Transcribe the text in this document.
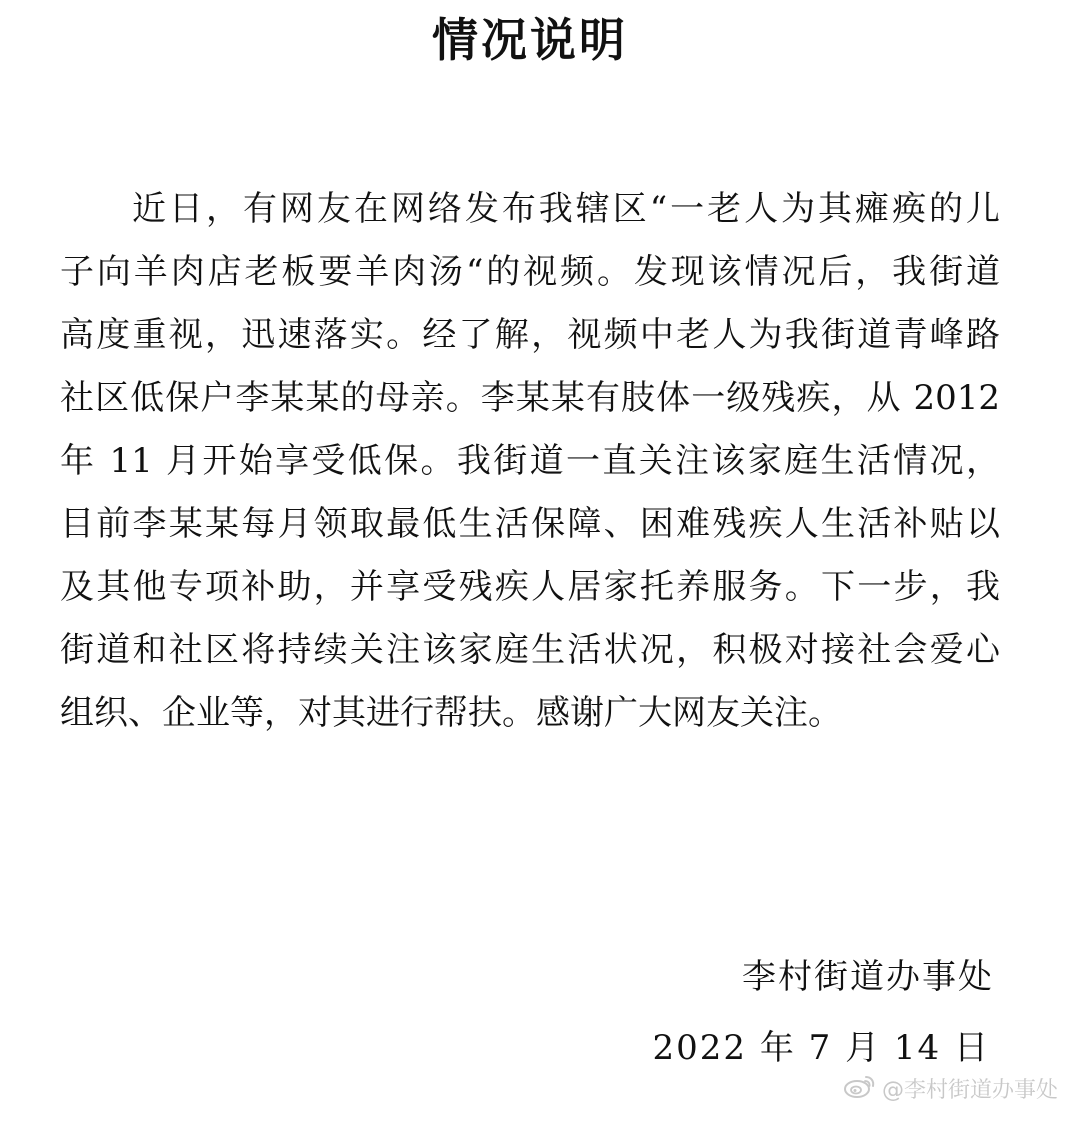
情况说明
近日，有网友在网络发布我辖区“一老人为其瘫痪的儿
子向羊肉店老板要羊肉汤“的视频。发现该情况后，我街道
高度重视，迅速落实。经了解，视频中老人为我街道青峰路
社区低保户李某某的母亲。李某某有肢体一级残疾，从 2012
年 11 月开始享受低保。我街道一直关注该家庭生活情况，
目前李某某每月领取最低生活保障、困难残疾人生活补贴以
及其他专项补助，并享受残疾人居家托养服务。下一步，我
街道和社区将持续关注该家庭生活状况，积极对接社会爱心
组织、企业等，对其进行帮扶。感谢广大网友关注。
李村街道办事处
2022 年 7 月 14 日
@李村街道办事处
